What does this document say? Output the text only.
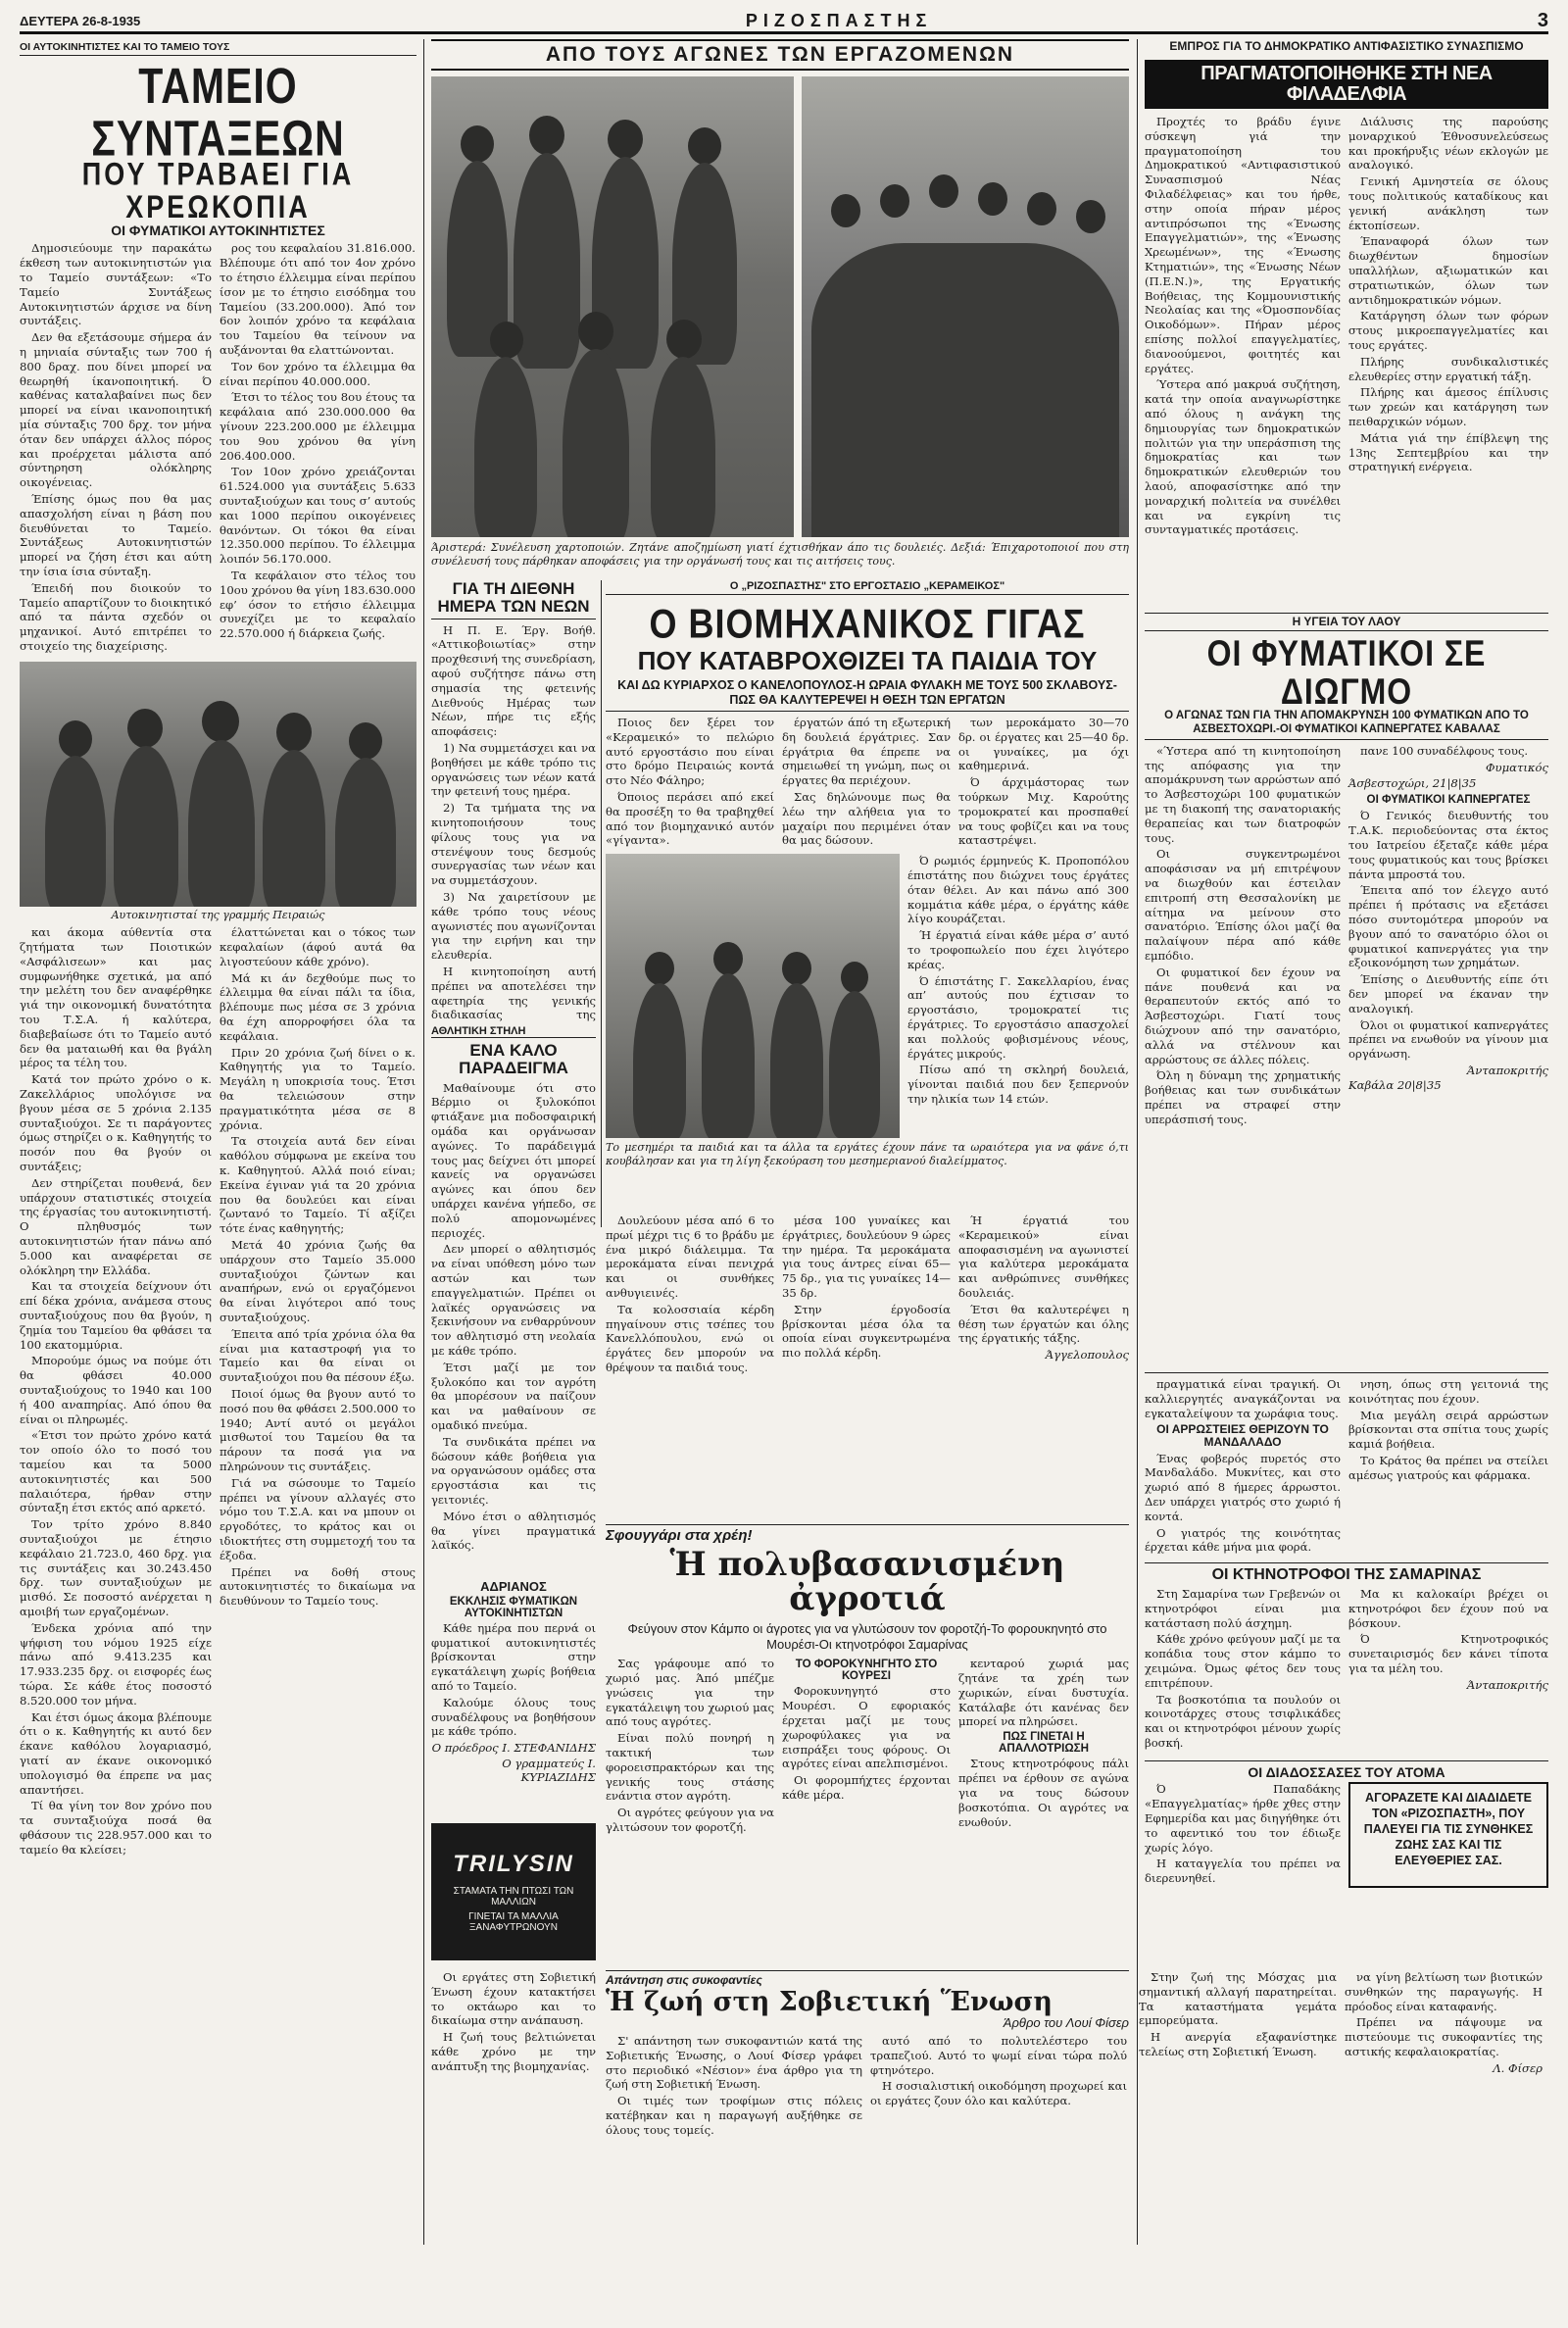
ΔΕΥΤΕΡΑ 26-8-1935	ΡΙΖΟΣΠΑΣΤΗΣ	3
ΟΙ ΑΥΤΟΚΙΝΗΤΙΣΤΕΣ ΚΑΙ ΤΟ ΤΑΜΕΙΟ ΤΟΥΣ
ΤΑΜΕΙΟ ΣΥΝΤΑΞΕΩΝ
ΠΟΥ ΤΡΑΒΑΕΙ ΓΙΑ ΧΡΕΩΚΟΠΙΑ
ΟΙ ΦΥΜΑΤΙΚΟΙ ΑΥΤΟΚΙΝΗΤΙΣΤΕΣ

Δημοσιεύουμε την παρακάτω έκθεση των αυτοκινητιστών για το Ταμείο συντάξεων: «Το Ταμείο Συντάξεως Αυτοκινητιστών άρχισε να δίνη συντάξεις.

Δεν θα εξετάσουμε σήμερα άν η μηνιαία σύνταξις των 700 ή 800 δραχ. που δίνει μπορεί να θεωρηθή ίκανοποιητική. Ό καθένας καταλαβαίνει πως δεν μπορεί να είναι ικανοποιητική μία σύνταξις 700 δρχ. τον μήνα όταν δεν υπάρχει άλλος πόρος και προέρχεται μάλιστα από σύντηρηση ολόκληρης οικογένειας.

Έπίσης όμως που θα μας απασχολήση είναι η βάση που διευθύνεται το Ταμείο. Συντάξεως Αυτοκινητιστών μπορεί να ζήση έτσι και αύτη την ίσια ίσια σύνταξη.

Έπειδή που διοικούν το Ταμείο απαρτίζουν το διοικητικό από τα πάντα σχεδόν οι μηχανικοί. Αυτό επιτρέπει το στοιχείο της διαχείρισης.

ρος του κεφαλαίου 31.816.000. Βλέπουμε ότι από τον 4ον χρόνο το έτησιο έλλειμμα είναι περίπου ίσον με το έτησιο εισόδημα του Ταμείου (33.200.000). Άπό τον 6ον λοιπόν χρόνο τα κεφάλαια του Ταμείου θα τείνουν να αυξάνονται θα ελαττώνονται.

Τον 6ον χρόνο τα έλλειμμα θα είναι περίπου 40.000.000.

Έτσι το τέλος του 8ου έτους τα κεφάλαια από 230.000.000 θα γίνουν 223.200.000 με έλλειμμα του 9ου χρόνου θα γίνη 206.400.000.

Τον 10ον χρόνο χρειάζονται 61.524.000 για συντάξεις 5.633 συνταξιούχων και τους σ’ αυτούς και 1000 περίπου οικογένειες θανόντων. Οι τόκοι θα είναι 12.350.000 περίπου. Το έλλειμμα λοιπόν 56.170.000.

Τα κεφάλαιον στο τέλος του 10ου χρόνου θα γίνη 183.630.000 εφ’ όσον το ετήσιο έλλειμμα συνεχίζει με το κεφαλαίο 22.570.000 ή διάρκεια ζωής.

Αυτοκινητισταί της γραμμής Πειραιώς

και άκομα αύθεντία στα ζητήματα των Ποιοτικών «Ασφάλισεων» και μας συμφωνήθηκε σχετικά, μα από την μελέτη του δεν αναφέρθηκε γιά την οικονομική δυνατότητα του Τ.Σ.Α. ή καλύτερα, διαβεβαίωσε ότι το Ταμείο αυτό δεν θα ματαιωθή και θα βγάλη μέρος τα τέλη του.

Κατά τον πρώτο χρόνο ο κ. Ζακελλάριος υπολόγισε να βγουν μέσα σε 5 χρόνια 2.135 συνταξιούχοι. Σε τι παράγοντες όμως στηρίζει ο κ. Καθηγητής το ποσόν που θα βγούν οι συντάξεις;

Δεν στηρίζεται πουθενά, δεν υπάρχουν στατιστικές στοιχεία της έργασίας του αυτοκινητιστή. Ο πληθυσμός των αυτοκινητιστών ήταν πάνω από 5.000 και αναφέρεται σε ολόκληρη την Ελλάδα.

Και τα στοιχεία δείχνουν ότι επί δέκα χρόνια, ανάμεσα στους συνταξιούχους που θα βγούν, η ζημία του Ταμείου θα φθάσει τα 100 εκατομμύρια.

Μπορούμε όμως να πούμε ότι θα φθάσει 40.000 συνταξιούχους το 1940 και 100 ή 400 αναπηρίας. Από όπου θα είναι οι πληρωμές.

«Έτσι τον πρώτο χρόνο κατά τον οποίο όλο το ποσό του ταμείου και τα 5000 αυτοκινητιστές και 500 παλαιότερα, ήρθαν στην σύνταξη έτσι εκτός από αρκετό.

Τον τρίτο χρόνο 8.840 συνταξιούχοι με έτησιο κεφάλαιο 21.723.0, 460 δρχ. για τις συντάξεις και 30.243.450 δρχ. των συνταξιούχων με μισθό. Σε ποσοστό ανέρχεται η αμοιβή των εργαζομένων.

Ένδεκα χρόνια από την ψήφιση του νόμου 1925 είχε πάνω από 9.413.235 και 17.933.235 δρχ. οι εισφορές έως τώρα. Σε κάθε έτος ποσοστό 8.520.000 τον μήνα.

Και έτσι όμως άκομα βλέπουμε ότι ο κ. Καθηγητής κι αυτό δεν έκανε καθόλου λογαριασμό, γιατί αν έκανε οικονομικό υπολογισμό θα έπρεπε να μας απαντήσει.

Τί θα γίνη τον 8ον χρόνο που τα συνταξιούχα ποσά θα φθάσουν τις 228.957.000 και το ταμείο θα κλείσει;

έλαττώνεται και ο τόκος των κεφαλαίων (άφού αυτά θα λιγοστεύουν κάθε χρόνο).

Μά κι άν δεχθούμε πως το έλλειμμα θα είναι πάλι τα ίδια, βλέπουμε πως μέσα σε 3 χρόνια θα έχη απορροφήσει όλα τα κεφάλαια.

Πριν 20 χρόνια ζωή δίνει ο κ. Καθηγητής για το Ταμείο. Μεγάλη η υποκρισία τους. Έτσι θα τελειώσουν στην πραγματικότητα μέσα σε 8 χρόνια.

Τα στοιχεία αυτά δεν είναι καθόλου σύμφωνα με εκείνα του κ. Καθηγητού. Αλλά ποιό είναι; Εκείνα έγιναν γιά τα 20 χρόνια που θα δουλεύει και είναι ζωντανό το Ταμείο. Τί αξίζει τότε ένας καθηγητής;

Μετά 40 χρόνια ζωής θα υπάρχουν στο Ταμείο 35.000 συνταξιούχοι ζώντων και αναπήρων, ενώ οι εργαζόμενοι θα είναι λιγότεροι από τους συνταξιούχους.

Έπειτα από τρία χρόνια όλα θα είναι μια καταστροφή για το Ταμείο και θα είναι οι συνταξιούχοι που θα πέσουν έξω.

Ποιοί όμως θα βγουν αυτό το ποσό που θα φθάσει 2.500.000 το 1940; Αντί αυτό οι μεγάλοι μισθωτοί του Ταμείου θα τα πάρουν τα ποσά για να πληρώνουν τις συντάξεις.

Γιά να σώσουμε το Ταμείο πρέπει να γίνουν αλλαγές στο νόμο του Τ.Σ.Α. και να μπουν οι εργοδότες, το κράτος και οι ιδιοκτήτες στη συμμετοχή του τα έξοδα.

Πρέπει να δοθή στους αυτοκινητιστές το δικαίωμα να διευθύνουν το Ταμείο τους.

ΑΠΟ ΤΟΥΣ ΑΓΩΝΕΣ ΤΩΝ ΕΡΓΑΖΟΜΕΝΩΝ
Άριστερά: Συνέλευση χαρτοποιών. Ζητάνε αποζημίωση γιατί έχτισθήκαν άπο τις δουλειές. Δεξιά: Έπιχαροτοποιοί που στη συνέλευσή τους πάρθηκαν αποφάσεις για την οργάνωσή τους και τις αιτήσεις τους.
ΕΜΠΡΟΣ ΓΙΑ ΤΟ ΔΗΜΟΚΡΑΤΙΚΟ ΑΝΤΙΦΑΣΙΣΤΙΚΟ ΣΥΝΑΣΠΙΣΜΟ
ΠΡΑΓΜΑΤΟΠΟΙΗΘΗΚΕ ΣΤΗ ΝΕΑ ΦΙΛΑΔΕΛΦΙΑ

Προχτές το βράδυ έγινε σύσκεψη γιά την πραγματοποίηση του Δημοκρατικού «Αντιφασιστικού Συνασπισμού Νέας Φιλαδέλφειας» και του ήρθε, στην οποία πήραν μέρος αντιπρόσωποι της «Ένωσης Επαγγελματιών», της «Ένωσης Χρεωμένων», της «Ένωσης Κτηματιών», της «Ένωσης Νέων (Π.Ε.Ν.)», της Εργατικής Βοήθειας, της Κομμουνιστικής Νεολαίας και της «Όμοσπονδίας Οικοδόμων». Πήραν μέρος επίσης πολλοί επαγγελματίες, διανοούμενοι, φοιτητές και εργάτες.

Ύστερα από μακρυά συζήτηση, κατά την οποία αναγνωρίστηκε από όλους η ανάγκη της δημιουργίας των δημοκρατικών πολιτών για την υπεράσπιση της δημοκρατίας και των δημοκρατικών ελευθεριών του λαού, αποφασίστηκε από την μοναρχική πολιτεία να συνέλθει και να εγκρίνη τις συνταγματικές προτάσεις.

Διάλυσις της παρούσης μοναρχικού Έθνοσυνελεύσεως και προκήρυξις νέων εκλογών με αναλογικό.

Γενική Αμνηστεία σε όλους τους πολιτικούς καταδίκους και γενική ανάκληση των έκτοπίσεων.

Έπαναφορά όλων των διωχθέντων δημοσίων υπαλλήλων, αξιωματικών και στρατιωτικών, όλων των αντιδημοκρατικών νόμων.

Κατάργηση όλων των φόρων στους μικροεπαγγελματίες και τους εργάτες.

Πλήρης συνδικαλιστικές ελευθερίες στην εργατική τάξη.

Πλήρης και άμεσος έπίλυσις των χρεών και κατάργηση των πειθαρχικών νόμων.

Μάτια γιά την έπίβλεψη της 13ης Σεπτεμβρίου και την στρατηγική ενέργεια.

ΓΙΑ ΤΗ ΔΙΕΘΝΗ
ΗΜΕΡΑ ΤΩΝ ΝΕΩΝ

Η Π. Ε. Έργ. Βοήθ. «Αττικοβοιωτίας» στην προχθεσινή της συνεδρίαση, αφού συζήτησε πάνω στη σημασία της φετεινής Διεθνούς Ημέρας των Νέων, πήρε τις εξής αποφάσεις:

1) Να συμμετάσχει και να βοηθήσει με κάθε τρόπο τις οργανώσεις των νέων κατά την φετεινή τους ημέρα.

2) Τα τμήματα της να κινητοποιήσουν τους φίλους τους για να στενέψουν τους δεσμούς συνεργασίας των νέων και να συμμετάσχουν.

3) Να χαιρετίσουν με κάθε τρόπο τους νέους αγωνιστές που αγωνίζονται για την ειρήνη και την ελευθερία.

Η κινητοποίηση αυτή πρέπει να αποτελέσει την αφετηρία της γενικής διαδικασίας της

Ο „ΡΙΖΟΣΠΑΣΤΗΣ" ΣΤΟ ΕΡΓΟΣΤΑΣΙΟ „ΚΕΡΑΜΕΙΚΟΣ"
Ο ΒΙΟΜΗΧΑΝΙΚΟΣ ΓΙΓΑΣ
ΠΟΥ ΚΑΤΑΒΡΟΧΘΙΖΕΙ ΤΑ ΠΑΙΔΙΑ ΤΟΥ
ΚΑΙ ΔΩ ΚΥΡΙΑΡΧΟΣ Ο ΚΑΝΕΛΟΠΟΥΛΟΣ-Η ΩΡΑΙΑ ΦΥΛΑΚΗ ΜΕ ΤΟΥΣ 500 ΣΚΛΑΒΟΥΣ-ΠΩΣ ΘΑ ΚΑΛΥΤΕΡΕΨΕΙ Η ΘΕΣΗ ΤΩΝ ΕΡΓΑΤΩΝ

Ποιος δεν ξέρει τον «Κεραμεικό» το πελώριο αυτό εργοστάσιο που είναι στο δρόμο Πειραιώς κοντά στο Νέο Φάληρο;

Όποιος περάσει από εκεί θα προσέξη το θα τραβηχθεί από τον βιομηχανικό αυτόν «γίγαντα».

έργατών άπό τη εξωτερική δη δουλειά έργάτριες. Σαν έργάτρια θα έπρεπε να σημειωθεί τη γνώμη, πως οι έργατες θα περιέχουν.

Σας δηλώνουμε πως θα λέω την αλήθεια για το μαχαίρι που περιμένει όταν θα μας δώσουν.

των μεροκάματο 30—70 δρ. οι έργατες και 25—40 δρ. οι γυναίκες, μα όχι καθημερινά.

Ό άρχιμάστορας των τούρκων Μιχ. Καρούτης τρομοκρατεί και προσπαθεί να τους φοβίζει και να τους καταστρέψει.

Ό ρωμιός έρμηνεύς Κ. Προποπόλου έπιστάτης που διώχνει τους έργάτες όταν θέλει. Αν και πάνω από 300 κομμάτια κάθε μέρα, ο έργάτης κάθε λίγο κουράζεται.

Ή έργατιά είναι κάθε μέρα σ’ αυτό το τροφοπωλείο που έχει λιγότερο κρέας.

Ό έπιστάτης Γ. Σακελλαρίου, ένας απ’ αυτούς που έχτισαν το εργοστάσιο, τρομοκρατεί τις έργάτριες. Το εργοστάσιο απασχολεί και πολλούς φοβισμένους νέους, έργάτες μικρούς.

Πίσω από τη σκληρή δουλειά, γίνονται παιδιά που δεν ξεπερνούν την ηλικία των 14 ετών.

Το μεσημέρι τα παιδιά και τα άλλα τα εργάτες έχουν πάνε τα ωραιότερα για να φάνε ό,τι κουβάλησαν και για τη λίγη ξεκούραση του μεσημεριανού διαλείμματος.
Η ΥΓΕΙΑ ΤΟΥ ΛΑΟΥ
ΟΙ ΦΥΜΑΤΙΚΟΙ ΣΕ ΔΙΩΓΜΟ
Ο ΑΓΩΝΑΣ ΤΩΝ ΓΙΑ ΤΗΝ ΑΠΟΜΑΚΡΥΝΣΗ 100 ΦΥΜΑΤΙΚΩΝ ΑΠΟ ΤΟ ΑΣΒΕΣΤΟΧΩΡΙ.-ΟΙ ΦΥΜΑΤΙΚΟΙ ΚΑΠΝΕΡΓΑΤΕΣ ΚΑΒΑΛΑΣ

«Ύστερα από τη κινητοποίηση της απόφασης για την απομάκρυνση των αρρώστων από το Άσβεστοχώρι 100 φυματικών με τη διακοπή της σανατοριακής θεραπείας και των διατροφών τους.

Οι συγκεντρωμένοι αποφάσισαν να μή επιτρέψουν να διωχθούν και έστειλαν επιτροπή στη Θεσσαλονίκη με αίτημα να μείνουν στο σανατόριο. Έπίσης όλοι μαζί θα παλαίψουν πέρα από κάθε εμπόδιο.

Οι φυματικοί δεν έχουν να πάνε πουθενά και να θεραπευτούν εκτός από το Άσβεστοχώρι. Γιατί τους διώχνουν από την σανατόριο, αλλά να στέλνουν και αρρώστους σε άλλες πόλεις.

Όλη η δύναμη της χρηματικής βοήθειας και των συνδικάτων πρέπει να στραφεί στην υπεράσπισή τους.

πανε 100 συναδέλφους τους.

Φυματικός
Άσβεστοχώρι, 21|8|35
ΟΙ ΦΥΜΑΤΙΚΟΙ ΚΑΠΝΕΡΓΑΤΕΣ

Ό Γενικός διευθυντής του Τ.Α.Κ. περιοδεύοντας στα έκτος του Ιατρείου έξεταζε κάθε μέρα τους φυματικούς και τους βρίσκει πάντα μπροστά του.

Έπειτα από τον έλεγχο αυτό πρέπει ή πρότασις να εξετάσει πόσο συντομότερα μπορούν να βγουν από το σανατόριο όλοι οι φυματικοί καπνεργάτες για την εξοικονόμηση των χρημάτων.

Έπίσης ο Διευθυντής είπε ότι δεν μπορεί να έκαναν την αναλογική.

Όλοι οι φυματικοί καπνεργάτες πρέπει να ενωθούν να γίνουν μια οργάνωση.

Άνταποκριτής
Καβάλα 20|8|35
ΑΘΛΗΤΙΚΗ ΣΤΗΛΗ
ΕΝΑ ΚΑΛΟ ΠΑΡΑΔΕΙΓΜΑ

Μαθαίνουμε ότι στο Βέρμιο οι ξυλοκόποι φτιάξανε μια ποδοσφαιρική ομάδα και οργάνωσαν αγώνες. Το παράδειγμά τους μας δείχνει ότι μπορεί κανείς να οργανώσει αγώνες και όπου δεν υπάρχει κανένα γήπεδο, σε πολύ απομονωμένες περιοχές.

Δεν μπορεί ο αθλητισμός να είναι υπόθεση μόνο των αστών και των επαγγελματιών. Πρέπει οι λαϊκές οργανώσεις να ξεκινήσουν να ενθαρρύνουν τον αθλητισμό στη νεολαία με κάθε τρόπο.

Έτσι μαζί με τον ξυλοκόπο και τον αγρότη θα μπορέσουν να παίζουν και να μαθαίνουν σε ομαδικό πνεύμα.

Τα συνδικάτα πρέπει να δώσουν κάθε βοήθεια για να οργανώσουν ομάδες στα εργοστάσια και τις γειτονιές.

Μόνο έτσι ο αθλητισμός θα γίνει πραγματικά λαϊκός.

Δουλεύουν μέσα από 6 το πρωί μέχρι τις 6 το βράδυ με ένα μικρό διάλειμμα. Τα μεροκάματα είναι πενιχρά και οι συνθήκες ανθυγιεινές.

Τα κολοσσιαία κέρδη πηγαίνουν στις τσέπες του Κανελλόπουλου, ενώ οι έργάτες δεν μπορούν να θρέψουν τα παιδιά τους.

μέσα 100 γυναίκες και έργάτριες, δουλεύουν 9 ώρες την ημέρα. Τα μεροκάματα για τους άντρες είναι 65—75 δρ., για τις γυναίκες 14—35 δρ.

Στην έργοδοσία βρίσκονται μέσα όλα τα οποία είναι συγκεντρωμένα πιο πολλά κέρδη.

Ή έργατιά του «Κεραμεικού» είναι αποφασισμένη να αγωνιστεί για καλύτερα μεροκάματα και ανθρώπινες συνθήκες δουλειάς.

Έτσι θα καλυτερέψει η θέση των έργατών και όλης της έργατικής τάξης.

Άγγελοπουλος
Σφουγγάρι στα χρέη!
Ἡ πολυβασανισμένη ἀγροτιά
Φεύγουν στον Κάμπο οι άγροτες για να γλυτώσουν τον φοροτζή-Το φορουκηνητό στο Μουρέσι-Οι κτηνοτρόφοι Σαμαρίνας

Σας γράφουμε από το χωριό μας. Άπό μπέζμε γνώσεις για την εγκατάλειψη του χωριού μας από τους αγρότες.

Είναι πολύ πονηρή η τακτική των φοροεισπρακτόρων και της γενικής τους στάσης ενάντια στον αγρότη.

Οι αγρότες φεύγουν για να γλιτώσουν τον φοροτζή.

ΤΟ ΦΟΡΟΚΥΝΗΓΗΤΟ ΣΤΟ ΚΟΥΡΕΣΙ

Φοροκυνηγητό στο Μουρέσι. Ο εφοριακός έρχεται μαζί με τους χωροφύλακες για να εισπράξει τους φόρους. Οι αγρότες είναι απελπισμένοι.

Οι φορομπήχτες έρχονται κάθε μέρα.

κενταρού χωριά μας ζητάνε τα χρέη των χωρικών, είναι δυστυχία. Κατάλαβε ότι κανένας δεν μπορεί να πληρώσει.

ΠΩΣ ΓΙΝΕΤΑΙ Η ΑΠΑΛΛΟΤΡΙΩΣΗ

Στους κτηνοτρόφους πάλι πρέπει να έρθουν σε αγώνα για να τους δώσουν βοσκοτόπια. Οι αγρότες να ενωθούν.

πραγματικά είναι τραγική. Οι καλλιεργητές αναγκάζονται να εγκαταλείψουν τα χωράφια τους.

ΟΙ ΑΡΡΩΣΤΕΙΕΣ ΘΕΡΙΖΟΥΝ ΤΟ ΜΑΝΔΑΛΑΔΟ

Ένας φοβερός πυρετός στο Μανδαλάδο. Μυκνίτες, και στο χωριό από 8 ήμερες άρρωστοι. Δεν υπάρχει γιατρός στο χωριό ή κοντά.

Ο γιατρός της κοινότητας έρχεται κάθε μήνα μια φορά.

νηση, όπως στη γειτονιά της κοινότητας που έχουν.

Μια μεγάλη σειρά αρρώστων βρίσκονται στα σπίτια τους χωρίς καμιά βοήθεια.

Το Κράτος θα πρέπει να στείλει αμέσως γιατρούς και φάρμακα.

ΟΙ ΚΤΗΝΟΤΡΟΦΟΙ ΤΗΣ ΣΑΜΑΡΙΝΑΣ

Στη Σαμαρίνα των Γρεβενών οι κτηνοτρόφοι είναι μια κατάσταση πολύ άσχημη.

Κάθε χρόνο φεύγουν μαζί με τα κοπάδια τους στον κάμπο το χειμώνα. Όμως φέτος δεν τους επιτρέπουν.

Τα βοσκοτόπια τα πουλούν οι κοινοτάρχες στους τσιφλικάδες και οι κτηνοτρόφοι μένουν χωρίς βοσκή.

Μα κι καλοκαίρι βρέχει οι κτηνοτρόφοι δεν έχουν πού να βόσκουν.

Ό Κτηνοτροφικός συνεταιρισμός δεν κάνει τίποτα για τα μέλη του.

Άνταποκριτής
ΟΙ ΔΙΑΔΟΣΣΑΣΕΣ ΤΟΥ ΑΤΟΜΑ

Ό Παπαδάκης «Επαγγελματίας» ήρθε χθες στην Εφημερίδα και μας διηγήθηκε ότι το αφεντικό του τον έδιωξε χωρίς λόγο.

Η καταγγελία του πρέπει να διερευνηθεί.

ΑΓΟΡΑΖΕΤΕ ΚΑΙ ΔΙΑΔΙΔΕΤΕ ΤΟΝ «ΡΙΖΟΣΠΑΣΤΗ», ΠΟΥ ΠΑΛΕΥΕΙ ΓΙΑ ΤΙΣ ΣΥΝΘΗΚΕΣ ΖΩΗΣ ΣΑΣ ΚΑΙ ΤΙΣ ΕΛΕΥΘΕΡΙΕΣ ΣΑΣ.
ΑΔΡΙΑΝΟΣ
ΕΚΚΛΗΣΙΣ ΦΥΜΑΤΙΚΩΝ ΑΥΤΟΚΙΝΗΤΙΣΤΩΝ

Κάθε ημέρα που περνά οι φυματικοί αυτοκινητιστές βρίσκονται στην εγκατάλειψη χωρίς βοήθεια από το Ταμείο.

Καλούμε όλους τους συναδέλφους να βοηθήσουν με κάθε τρόπο.

Ο πρόεδρος Ι. ΣΤΕΦΑΝΙΔΗΣ
Ο γραμματεύς Ι. ΚΥΡΙΑΖΙΔΗΣ
TRILYSIN
ΣΤΑΜΑΤΑ ΤΗΝ ΠΤΩΣΙ ΤΩΝ ΜΑΛΛΙΩΝ
ΓΙΝΕΤΑΙ ΤΑ ΜΑΛΛΙΑ ΞΑΝΑΦΥΤΡΩΝΟΥΝ

Οι εργάτες στη Σοβιετική Ένωση έχουν κατακτήσει το οκτάωρο και το δικαίωμα στην ανάπαυση.

Η ζωή τους βελτιώνεται κάθε χρόνο με την ανάπτυξη της βιομηχανίας.

Απάντηση στις συκοφαντίες
Ἡ ζωή στη Σοβιετική Ἕνωση
Άρθρο του Λουί Φίσερ

Σ' απάντηση των συκοφαντιών κατά της Σοβιετικής Ένωσης, ο Λουί Φίσερ γράφει στο περιοδικό «Νέσιον» ένα άρθρο για τη ζωή στη Σοβιετική Ένωση.

Οι τιμές των τροφίμων στις πόλεις κατέβηκαν και η παραγωγή αυξήθηκε σε όλους τους τομείς.

αυτό από το πολυτελέστερο του τραπεζιού. Αυτό το ψωμί είναι τώρα πολύ φτηνότερο.

Η σοσιαλιστική οικοδόμηση προχωρεί και οι εργάτες ζουν όλο και καλύτερα.

Στην ζωή της Μόσχας μια σημαντική αλλαγή παρατηρείται. Τα καταστήματα γεμάτα εμπορεύματα.

Η ανεργία εξαφανίστηκε τελείως στη Σοβιετική Ένωση.

να γίνη βελτίωση των βιοτικών συνθηκών της παραγωγής. Η πρόοδος είναι καταφανής.

Πρέπει να πάψουμε να πιστεύουμε τις συκοφαντίες της αστικής κεφαλαιοκρατίας.

Λ. Φίσερ
